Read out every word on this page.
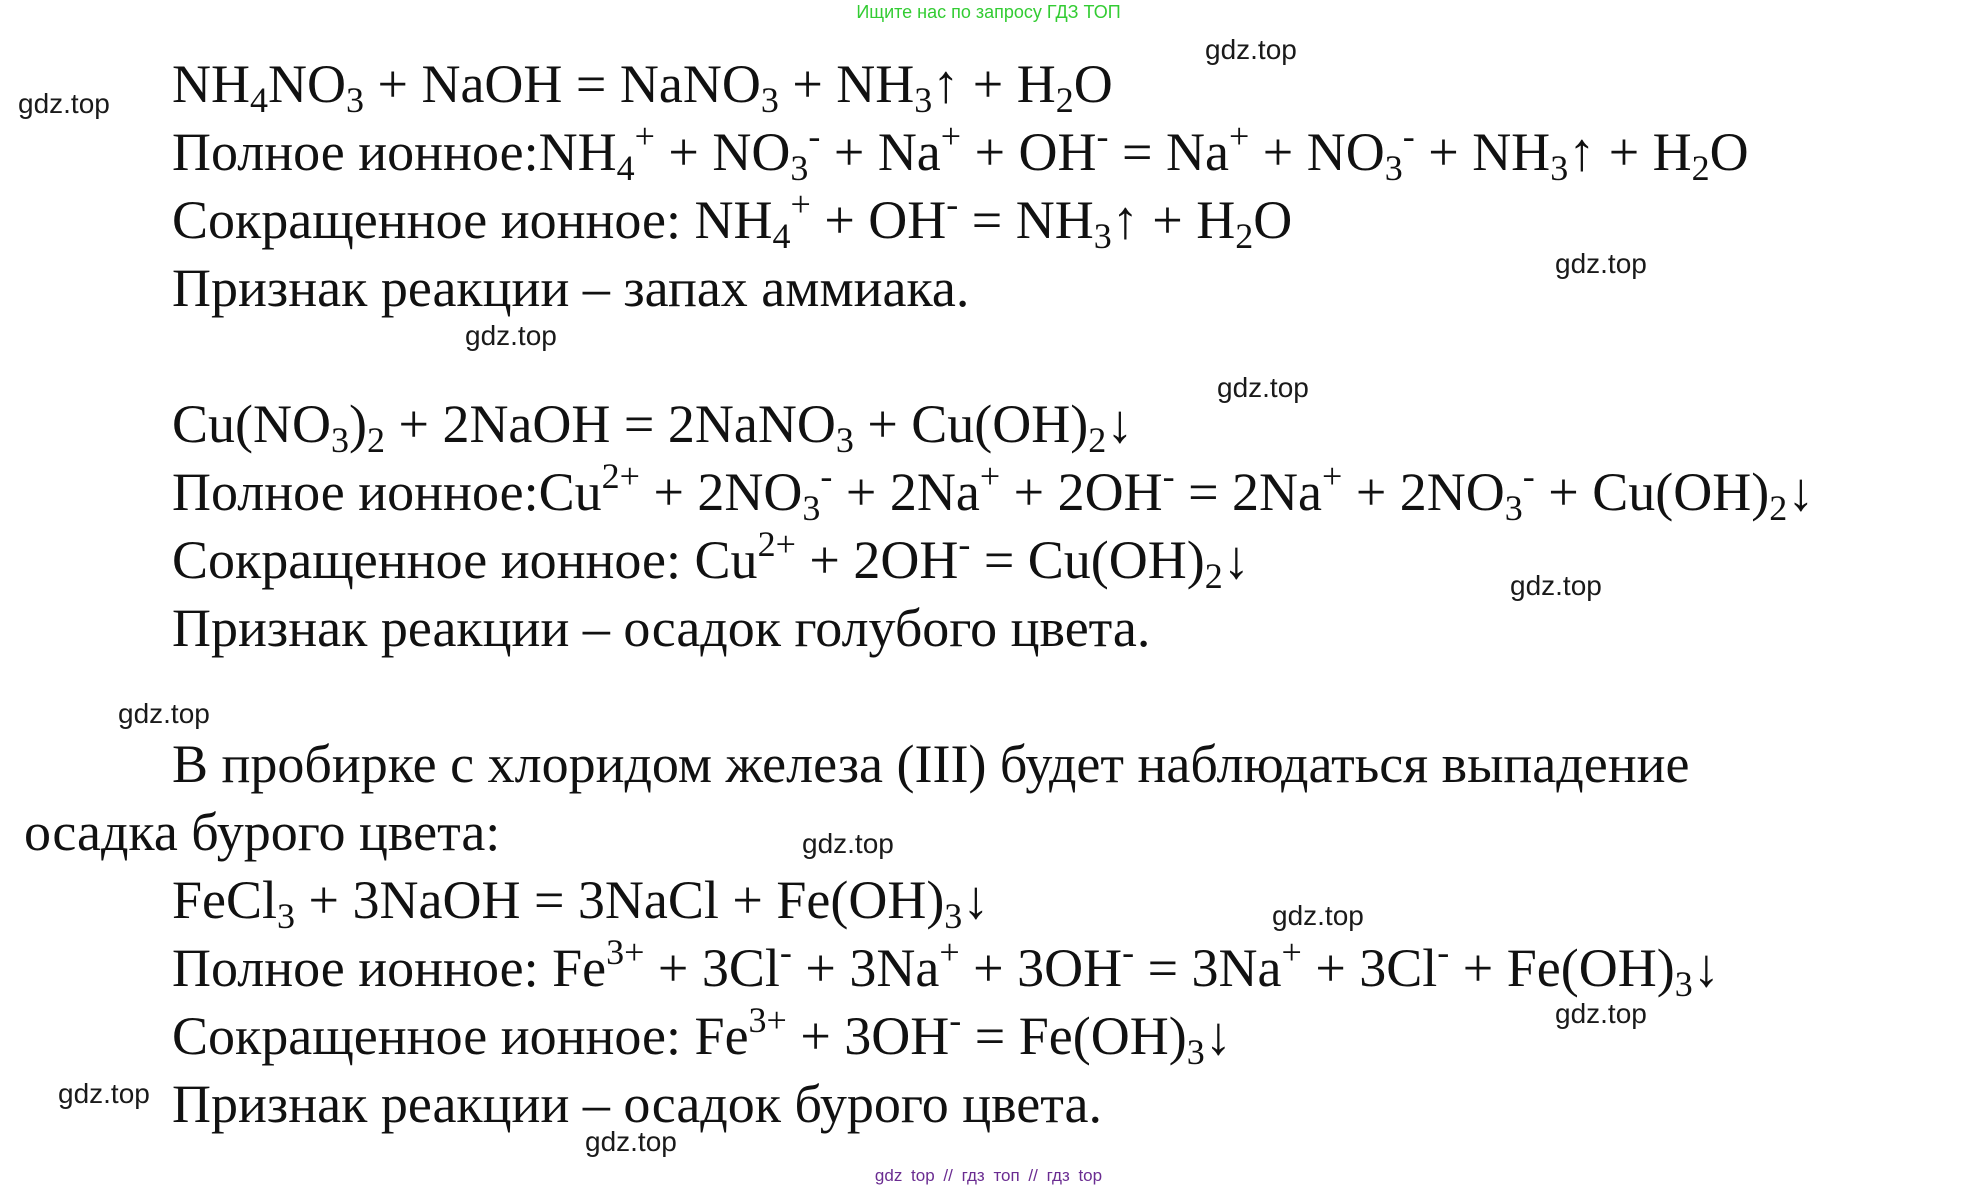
Ищите нас по запросу ГДЗ ТОП
$NH_4NO_3$ + NaOH = NaNO$_3$ + $NH_3↑ + H_2O$
Полное $ионное:NH_4^+ + NO_3^- + Na^+ + OH^- = Na^+ + NO_3^-$ + $NH_3↑ + H_2O$
Сокращенное ионное: $NH_4^+ + OH^-$ = $NH_3↑ + H_2O$
Признак реакции – запах аммиака.
$Cu(NO_3)_2$ + 2NaOH = 2NaNO$_3$ + $Cu(OH)_2↓$
Полное $ионное:Cu^{2+} + 2NO_3^- + 2Na^+ + 2OH^- = 2Na^+ + 2NO_3^-$ + $Cu(OH)_2↓$
Сокращенное ионное: $Cu^{2+} + 2OH^-$ = $Cu(OH)_2↓$
Признак реакции – осадок голубого цвета.
В пробирке с хлоридом железа (III) будет наблюдаться выпадение
осадка бурого цвета:
FeCl$_3$ + 3NaOH = 3NaCl + $Fe(OH)_3↓$
Полное ионное: $Fe^{3+} + 3Cl^- + 3Na^+ + 3OH^- = 3Na^+ + 3Cl^-$ + $Fe(OH)_3↓$
Сокращенное ионное: $Fe^{3+} + 3OH^-$ = $Fe(OH)_3↓$
Признак реакции – осадок бурого цвета.
gdz.top
gdz.top
gdz.top
gdz.top
gdz.top
gdz.top
gdz.top
gdz.top
gdz.top
gdz.top
gdz.top
gdz.top
gdz top // гдз топ // гдз top
